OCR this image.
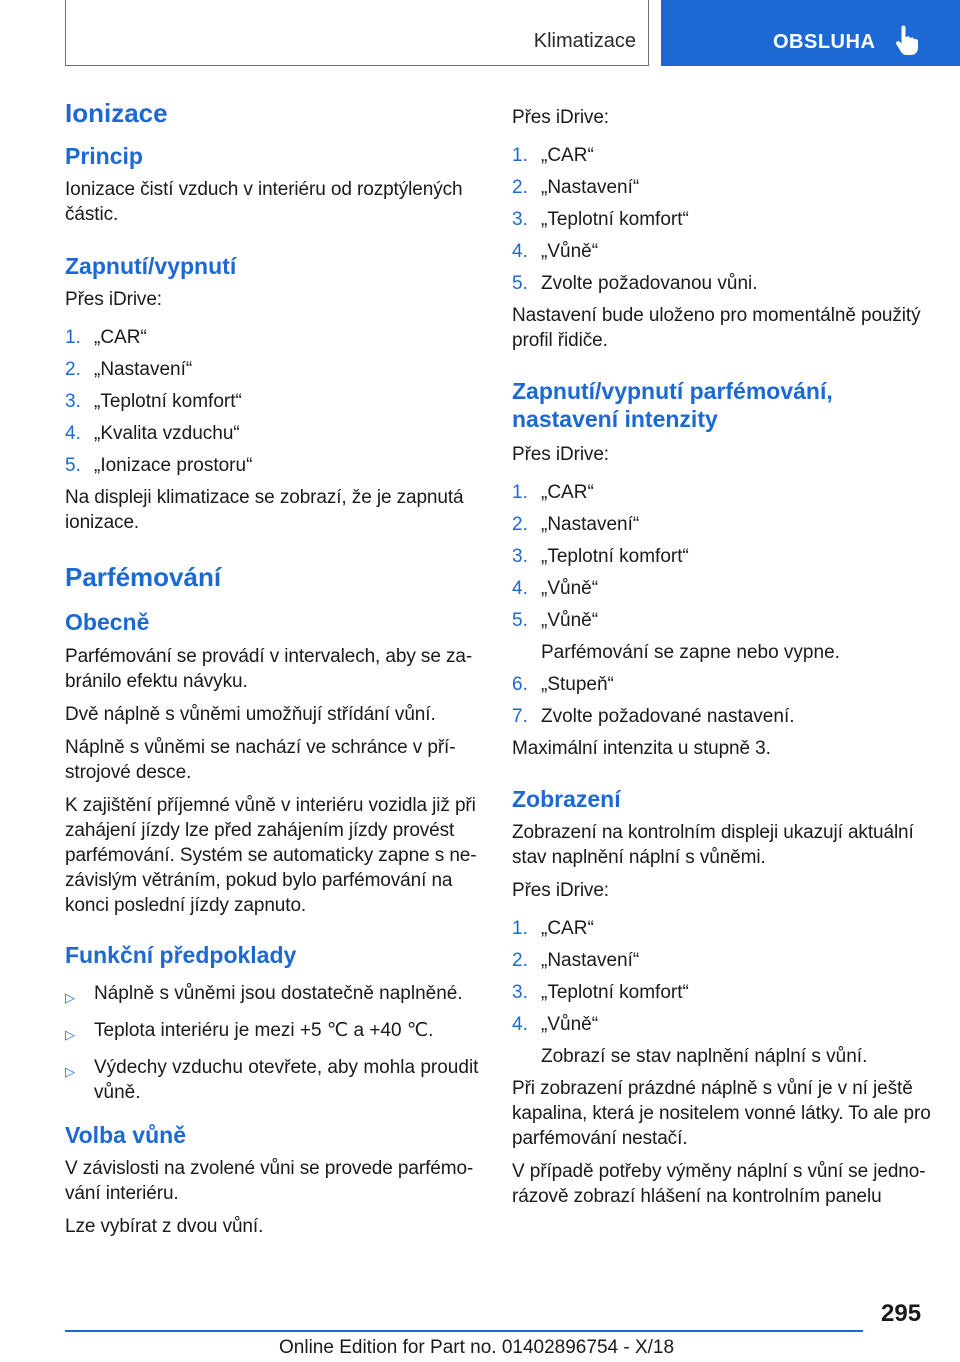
Klimatizace	OBSLUHA
Ionizace
Princip

Ionizace čistí vzduch v interiéru od rozptýlených částic.

Zapnutí/vypnutí

Přes iDrive:

1. „CAR“
2. „Nastavení“
3. „Teplotní komfort“
4. „Kvalita vzduchu“
5. „Ionizace prostoru“

Na displeji klimatizace se zobrazí, že je zapnutá ionizace.

Parfémování
Obecně

Parfémování se provádí v intervalech, aby se za-bránilo efektu návyku.

Dvě náplně s vůněmi umožňují střídání vůní.

Náplně s vůněmi se nachází ve schránce v pří-strojové desce.

K zajištění příjemné vůně v interiéru vozidla již při zahájení jízdy lze před zahájením jízdy provést parfémování. Systém se automaticky zapne s ne-závislým větráním, pokud bylo parfémování na konci poslední jízdy zapnuto.

Funkční předpoklady
▷	Náplně s vůněmi jsou dostatečně naplněné.
▷	Teplota interiéru je mezi +5 ℃ a +40 ℃.
▷	Výdechy vzduchu otevřete, aby mohla proudit vůně.
Volba vůně

V závislosti na zvolené vůni se provede parfémo-vání interiéru.

Lze vybírat z dvou vůní.

Přes iDrive:

1. „CAR“
2. „Nastavení“
3. „Teplotní komfort“
4. „Vůně“
5. Zvolte požadovanou vůni.

Nastavení bude uloženo pro momentálně použitý profil řidiče.

Zapnutí/vypnutí parfémování, nastavení intenzity

Přes iDrive:

1. „CAR“
2. „Nastavení“
3. „Teplotní komfort“
4. „Vůně“
5. „Vůně“
Parfémování se zapne nebo vypne.
6. „Stupeň“
7. Zvolte požadované nastavení.

Maximální intenzita u stupně 3.

Zobrazení

Zobrazení na kontrolním displeji ukazují aktuální stav naplnění náplní s vůněmi.

Přes iDrive:

1. „CAR“
2. „Nastavení“
3. „Teplotní komfort“
4. „Vůně“
Zobrazí se stav naplnění náplní s vůní.

Při zobrazení prázdné náplně s vůní je v ní ještě kapalina, která je nositelem vonné látky. To ale pro parfémování nestačí.

V případě potřeby výměny náplní s vůní se jedno-rázově zobrazí hlášení na kontrolním panelu

295
Online Edition for Part no. 01402896754 - X/18
